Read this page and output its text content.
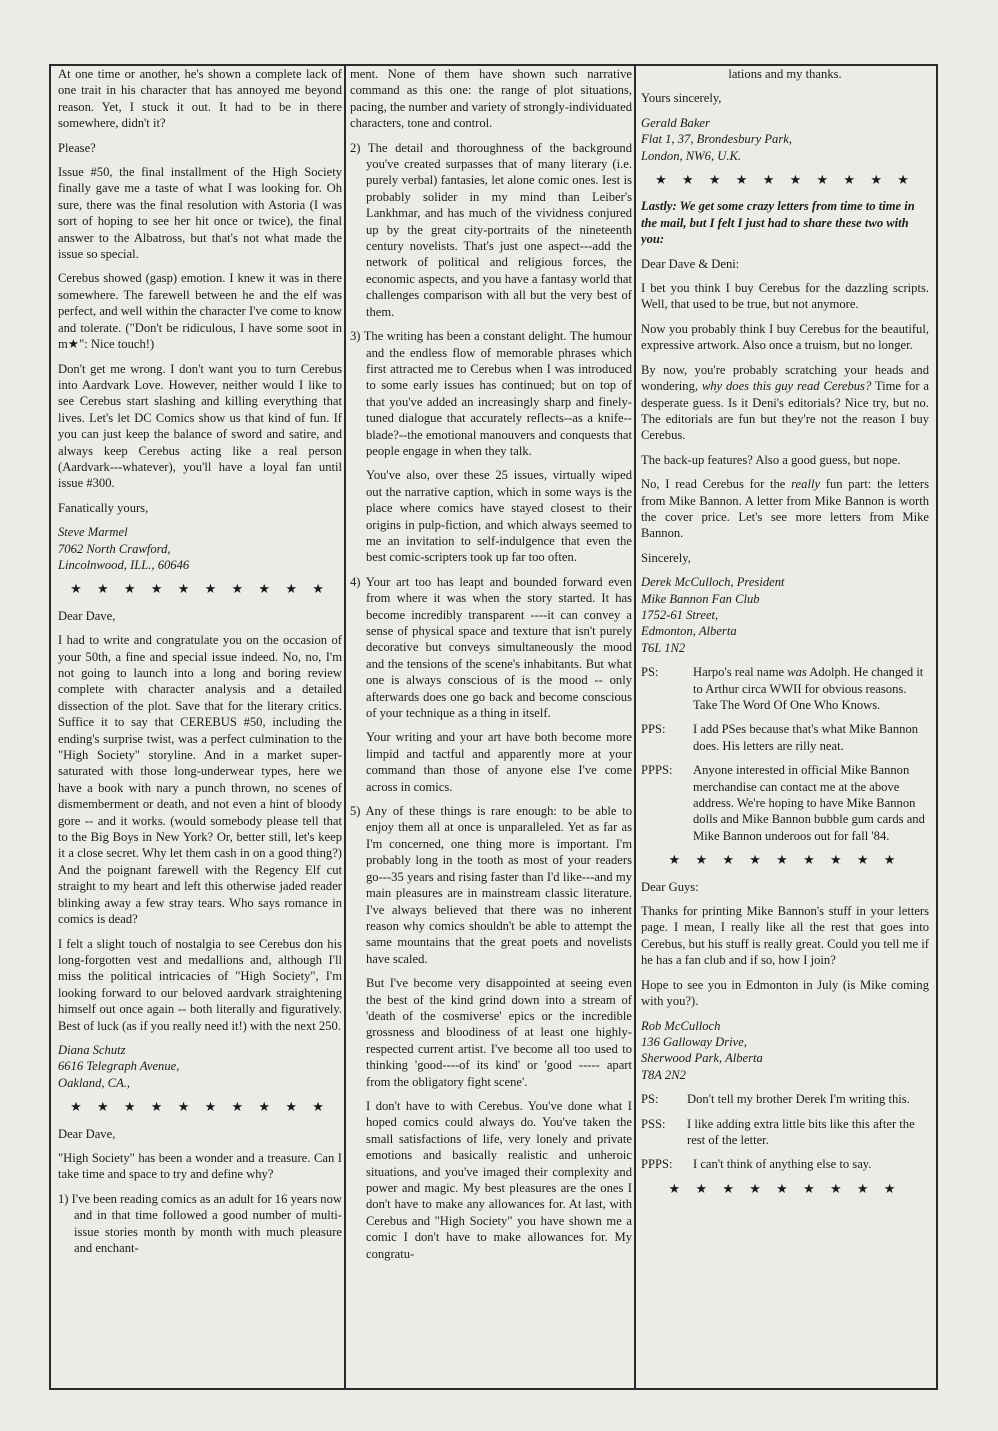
At one time or another, he's shown a complete lack of one trait in his character that has annoyed me beyond reason. Yet, I stuck it out. It had to be in there somewhere, didn't it?

Please?

Issue #50, the final installment of the High Society finally gave me a taste of what I was looking for. Oh sure, there was the final resolution with Astoria (I was sort of hoping to see her hit once or twice), the final answer to the Albatross, but that's not what made the issue so special.

Cerebus showed (gasp) emotion. I knew it was in there somewhere. The farewell between he and the elf was perfect, and well within the character I've come to know and tolerate. ("Don't be ridiculous, I have some soot in m★": Nice touch!)

Don't get me wrong. I don't want you to turn Cerebus into Aardvark Love. However, neither would I like to see Cerebus start slashing and killing everything that lives. Let's let DC Comics show us that kind of fun. If you can just keep the balance of sword and satire, and always keep Cerebus acting like a real person (Aardvark---whatever), you'll have a loyal fan until issue #300.

Fanatically yours,

Steve Marmel
7062 North Crawford,
Lincolnwood, ILL., 60646
★ ★ ★ ★ ★ ★ ★ ★ ★ ★

Dear Dave,

I had to write and congratulate you on the occasion of your 50th, a fine and special issue indeed. No, no, I'm not going to launch into a long and boring review complete with character analysis and a detailed dissection of the plot. Save that for the literary critics. Suffice it to say that CEREBUS #50, including the ending's surprise twist, was a perfect culmination to the "High Society" storyline. And in a market super-saturated with those long-underwear types, here we have a book with nary a punch thrown, no scenes of dismemberment or death, and not even a hint of bloody gore -- and it works. (would somebody please tell that to the Big Boys in New York? Or, better still, let's keep it a close secret. Why let them cash in on a good thing?) And the poignant farewell with the Regency Elf cut straight to my heart and left this otherwise jaded reader blinking away a few stray tears. Who says romance in comics is dead?

I felt a slight touch of nostalgia to see Cerebus don his long-forgotten vest and medallions and, although I'll miss the political intricacies of "High Society", I'm looking forward to our beloved aardvark straightening himself out once again -- both literally and figuratively. Best of luck (as if you really need it!) with the next 250.

Diana Schutz
6616 Telegraph Avenue,
Oakland, CA.,
★ ★ ★ ★ ★ ★ ★ ★ ★ ★

Dear Dave,

"High Society" has been a wonder and a treasure. Can I take time and space to try and define why?

1) I've been reading comics as an adult for 16 years now and in that time followed a good number of multi-issue stories month by month with much pleasure and enchant-

ment. None of them have shown such narrative command as this one: the range of plot situations, pacing, the number and variety of strongly-individuated characters, tone and control.

2) The detail and thoroughness of the background you've created surpasses that of many literary (i.e. purely verbal) fantasies, let alone comic ones. Iest is probably solider in my mind than Leiber's Lankhmar, and has much of the vividness conjured up by the great city-portraits of the nineteenth century novelists. That's just one aspect---add the network of political and religious forces, the economic aspects, and you have a fantasy world that challenges comparison with all but the very best of them.

3) The writing has been a constant delight. The humour and the endless flow of memorable phrases which first attracted me to Cerebus when I was introduced to some early issues has continued; but on top of that you've added an increasingly sharp and finely-tuned dialogue that accurately reflects--as a knife--blade?--the emotional manouvers and conquests that people engage in when they talk.

You've also, over these 25 issues, virtually wiped out the narrative caption, which in some ways is the place where comics have stayed closest to their origins in pulp-fiction, and which always seemed to me an invitation to self-indulgence that even the best comic-scripters took up far too often.

4) Your art too has leapt and bounded forward even from where it was when the story started. It has become incredibly transparent ----it can convey a sense of physical space and texture that isn't purely decorative but conveys simultaneously the mood and the tensions of the scene's inhabitants. But what one is always conscious of is the mood -- only afterwards does one go back and become conscious of your technique as a thing in itself.

Your writing and your art have both become more limpid and tactful and apparently more at your command than those of anyone else I've come across in comics.

5) Any of these things is rare enough: to be able to enjoy them all at once is unparalleled. Yet as far as I'm concerned, one thing more is important. I'm probably long in the tooth as most of your readers go---35 years and rising faster than I'd like---and my main pleasures are in mainstream classic literature. I've always believed that there was no inherent reason why comics shouldn't be able to attempt the same mountains that the great poets and novelists have scaled.

But I've become very disappointed at seeing even the best of the kind grind down into a stream of 'death of the cosmiverse' epics or the incredible grossness and bloodiness of at least one highly-respected current artist. I've become all too used to thinking 'good----of its kind' or 'good ----- apart from the obligatory fight scene'.

I don't have to with Cerebus. You've done what I hoped comics could always do. You've taken the small satisfactions of life, very lonely and private emotions and basically realistic and unheroic situations, and you've imaged their complexity and power and magic. My best pleasures are the ones I don't have to make any allowances for. At last, with Cerebus and "High Society" you have shown me a comic I don't have to make allowances for. My congratu-

lations and my thanks.

Yours sincerely,

Gerald Baker
Flat 1, 37, Brondesbury Park,
London, NW6, U.K.
★ ★ ★ ★ ★ ★ ★ ★ ★ ★

Lastly: We get some crazy letters from time to time in the mail, but I felt I just had to share these two with you:

Dear Dave & Deni:

I bet you think I buy Cerebus for the dazzling scripts. Well, that used to be true, but not anymore.

Now you probably think I buy Cerebus for the beautiful, expressive artwork. Also once a truism, but no longer.

By now, you're probably scratching your heads and wondering, why does this guy read Cerebus? Time for a desperate guess. Is it Deni's editorials? Nice try, but no. The editorials are fun but they're not the reason I buy Cerebus.

The back-up features? Also a good guess, but nope.

No, I read Cerebus for the really fun part: the letters from Mike Bannon. A letter from Mike Bannon is worth the cover price. Let's see more letters from Mike Bannon.

Sincerely,

Derek McCulloch, President
Mike Bannon Fan Club
1752-61 Street,
Edmonton, Alberta
T6L 1N2
PS:	Harpo's real name was Adolph. He changed it to Arthur circa WWII for obvious reasons. Take The Word Of One Who Knows.
PPS:	I add PSes because that's what Mike Bannon does. His letters are rilly neat.
PPPS:	Anyone interested in official Mike Bannon merchandise can contact me at the above address. We're hoping to have Mike Bannon dolls and Mike Bannon bubble gum cards and Mike Bannon underoos out for fall '84.
★ ★ ★ ★ ★ ★ ★ ★ ★

Dear Guys:

Thanks for printing Mike Bannon's stuff in your letters page. I mean, I really like all the rest that goes into Cerebus, but his stuff is really great. Could you tell me if he has a fan club and if so, how I join?

Hope to see you in Edmonton in July (is Mike coming with you?).

Rob McCulloch
136 Galloway Drive,
Sherwood Park, Alberta
T8A 2N2
PS:	Don't tell my brother Derek I'm writing this.
PSS:	I like adding extra little bits like this after the rest of the letter.
PPPS:	I can't think of anything else to say.
★ ★ ★ ★ ★ ★ ★ ★ ★
